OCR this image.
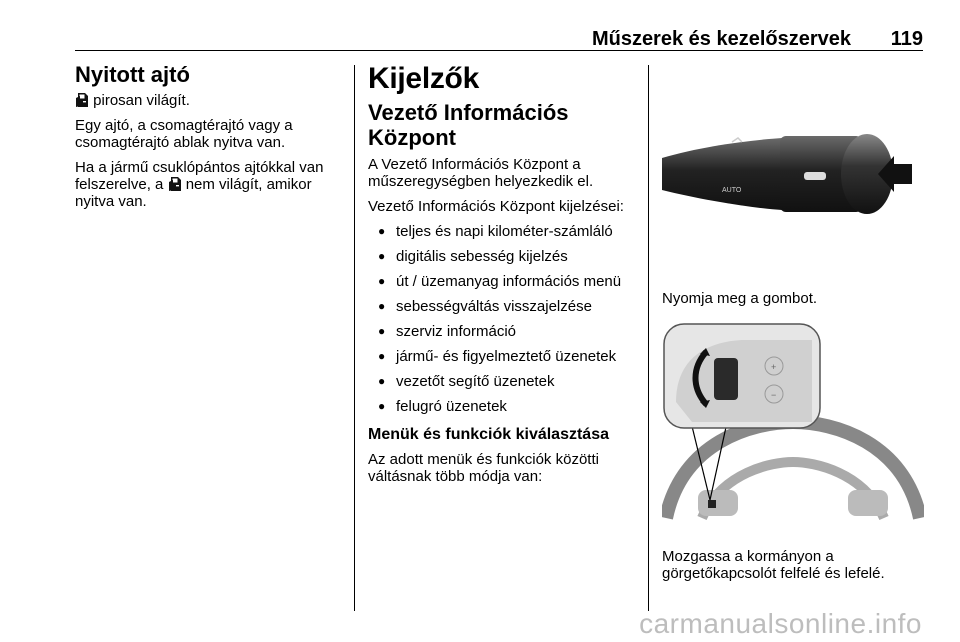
Műszerek és kezelőszervek 119
Nyitott ajtó

pirosan világít.

Egy ajtó, a csomagtérajtó vagy a csomagtérajtó ablak nyitva van.

Ha a jármű csuklópántos ajtókkal van felszerelve, a  nem világít, amikor nyitva van.

Kijelzők
Vezető Információs Központ

A Vezető Információs Központ a műszeregységben helyezkedik el.

Vezető Információs Központ kijelzései:

● teljes és napi kilométer-számláló
● digitális sebesség kijelzés
● út / üzemanyag információs menü
● sebességváltás visszajelzése
● szerviz információ
● jármű- és figyelmeztető üzenetek
● vezetőt segítő üzenetek
● felugró üzenetek
Menük és funkciók kiválasztása

Az adott menük és funkciók közötti váltásnak több módja van:

AUTO
Nyomja meg a gombot.
+
−
Mozgassa a kormányon a görgetőkapcsolót felfelé és lefelé.
carmanualsonline.info
